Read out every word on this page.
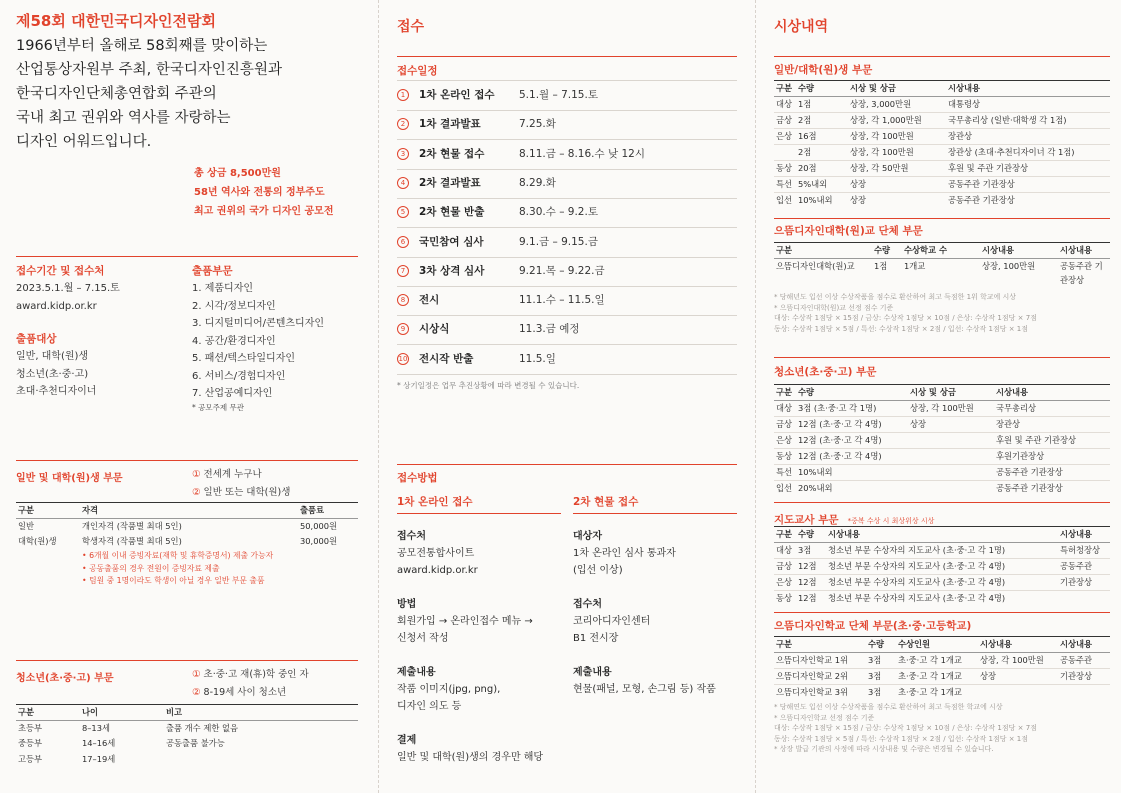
제58회 대한민국디자인전람회
1966년부터 올해로 58회째를 맞이하는
산업통상자원부 주최, 한국디자인진흥원과
한국디자인단체총연합회 주관의
국내 최고 권위와 역사를 자랑하는
디자인 어워드입니다.
총 상금 8,500만원
58년 역사와 전통의 정부주도
최고 권위의 국가 디자인 공모전
접수기간 및 접수처
2023.5.1.월 – 7.15.토
award.kidp.or.kr
출품대상
일반, 대학(원)생
청소년(초·중·고)
초대·추천디자이너
출품부문
1. 제품디자인
2. 시각/정보디자인
3. 디지털미디어/콘텐츠디자인
4. 공간/환경디자인
5. 패션/텍스타일디자인
6. 서비스/경험디자인
7. 산업공예디자인
* 공모주제 무관
일반 및 대학(원)생 부문	① 전세계 누구나
② 일반 또는 대학(원)생
구분	자격	출품료
일반	개인자격 (작품별 최대 5인)	50,000원
대학(원)생	학생자격 (작품별 최대 5인)	30,000원
• 6개월 이내 증빙자료(재학 및 휴학증명서) 제출 가능자
• 공동출품의 경우 전원이 증빙자료 제출
• 팀원 중 1명이라도 학생이 아닐 경우 일반 부문 출품
청소년(초·중·고) 부문	① 초·중·고 재(휴)학 중인 자
② 8-19세 사이 청소년
구분	나이	비고
초등부	8–13세	출품 개수 제한 없음
중등부	14–16세	공동출품 불가능
고등부	17–19세	
접수
접수일정
1	1차 온라인 접수 5.1.월 – 7.15.토
2	1차 결과발표	7.25.화
3	2차 현물 접수	8.11.금 – 8.16.수 낮 12시
4	2차 결과발표	8.29.화
5	2차 현물 반출	8.30.수 – 9.2.토
6	국민참여 심사	9.1.금 – 9.15.금
7	3차 상격 심사	9.21.목 – 9.22.금
8	전시	11.1.수 – 11.5.일
9	시상식	11.3.금 예정
10 전시작 반출	11.5.일
* 상기일정은 업무 추진상황에 따라 변경될 수 있습니다.
접수방법
1차 온라인 접수	2차 현물 접수
접수처
공모전통합사이트
award.kidp.or.kr
방법
회원가입 → 온라인접수 메뉴 →
신청서 작성
제출내용
작품 이미지(jpg, png),
디자인 의도 등
결제
일반 및 대학(원)생의 경우만 해당
대상자
1차 온라인 심사 통과자
(입선 이상)
접수처
코리아디자인센터
B1 전시장
제출내용
현물(패널, 모형, 손그림 등) 작품
시상내역
일반/대학(원)생 부문
구분	수량	시상 및 상금	시상내용
대상	1점	상장, 3,000만원	대통령상
금상	2점	상장, 각 1,000만원	국무총리상 (일반·대학생 각 1점)
은상	16점	상장, 각 100만원	장관상
	2점	상장, 각 100만원	장관상 (초대·추천디자이너 각 1점)
동상	20점	상장, 각 50만원	후원 및 주관 기관장상
특선	5%내외	상장	공동주관 기관장상
입선	10%내외	상장	공동주관 기관장상
으뜸디자인대학(원)교 단체 부문
구분	수량	수상학교 수	시상내용	시상내용
으뜸디자인대학(원)교	1점	1개교	상장, 100만원	공동주관 기관장상
* 당해년도 입선 이상 수상작품을 점수로 환산하여 최고 득점한 1위 학교에 시상
* 으뜸디자인대학(원)교 선정 점수 기준
대상: 수상작 1점당 × 15점 / 금상: 수상작 1점당 × 10점 / 은상: 수상작 1점당 × 7점
동상: 수상작 1점당 × 5점 / 특선: 수상작 1점당 × 2점 / 입선: 수상작 1점당 × 1점
청소년(초·중·고) 부문
구분	수량	시상 및 상금	시상내용
대상	3점 (초·중·고 각 1명)	상장, 각 100만원	국무총리상
금상	12점 (초·중·고 각 4명)	상장	장관상
은상	12점 (초·중·고 각 4명)		후원 및 주관 기관장상
동상	12점 (초·중·고 각 4명)		후원기관장상
특선	10%내외		공동주관 기관장상
입선	20%내외		공동주관 기관장상
지도교사 부문 *중복 수상 시 최상위상 시상
구분	수량	시상내용	시상내용
대상	3점	청소년 부문 수상자의 지도교사 (초·중·고 각 1명)	특허청장상
금상	12점	청소년 부문 수상자의 지도교사 (초·중·고 각 4명)	공동주관
은상	12점	청소년 부문 수상자의 지도교사 (초·중·고 각 4명)	기관장상
동상	12점	청소년 부문 수상자의 지도교사 (초·중·고 각 4명)	
으뜸디자인학교 단체 부문(초·중·고등학교)
구분	수량	수상인원	시상내용	시상내용
으뜸디자인학교 1위	3점	초·중·고 각 1개교	상장, 각 100만원	공동주관
으뜸디자인학교 2위	3점	초·중·고 각 1개교	상장	기관장상
으뜸디자인학교 3위	3점	초·중·고 각 1개교		
* 당해연도 입선 이상 수상작품을 점수로 환산하여 최고 득점한 학교에 시상
* 으뜸디자인학교 선정 점수 기준
대상: 수상작 1점당 × 15점 / 금상: 수상작 1점당 × 10점 / 은상: 수상작 1점당 × 7점
동상: 수상작 1점당 × 5점 / 특선: 수상작 1점당 × 2점 / 입선: 수상작 1점당 × 1점
* 상장 발급 기관의 사정에 따라 시상내용 및 수량은 변경될 수 있습니다.
